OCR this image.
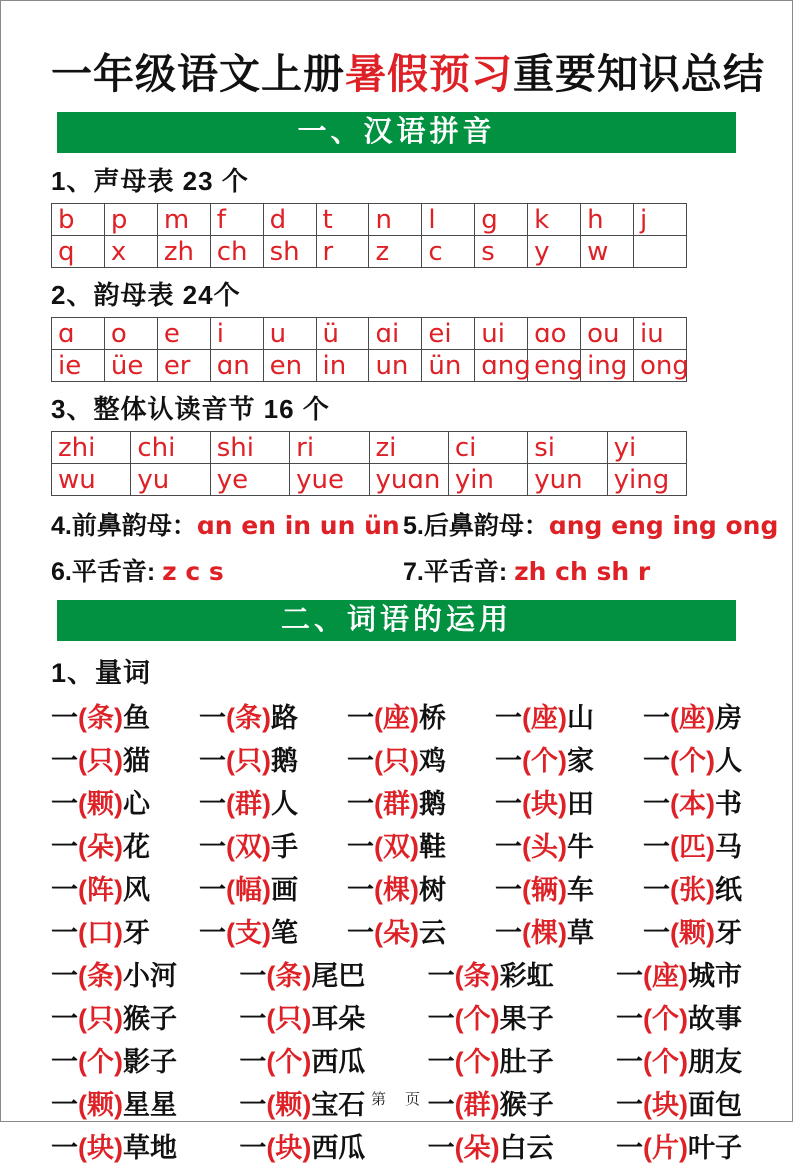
一年级语文上册暑假预习重要知识总结
一、汉语拼音
1、声母表 23 个
b	p	m	f	d	t	n	l	g	k	h	j
q	x	zh	ch	sh	r	z	c	s	y	w	
2、韵母表 24个
ɑ	o	e	i	u	ü	ɑi	ei	ui	ɑo	ou	iu
ie	üe	er	ɑn	en	in	un	ün	ɑng	eng	ing	ong
3、整体认读音节 16 个
zhi	chi	shi	ri	zi	ci	si	yi
wu	yu	ye	yue	yuɑn	yin	yun	ying
4.前鼻韵母：ɑn en in un ün 5.后鼻韵母：ɑng eng ing ong
6.平舌音: z c s	7.平舌音: zh ch sh r
二、词语的运用
1、量词
一(条)鱼 一(条)路 一(座)桥 一(座)山 一(座)房
一(只)猫 一(只)鹅 一(只)鸡 一(个)家 一(个)人
一(颗)心 一(群)人 一(群)鹅 一(块)田 一(本)书
一(朵)花 一(双)手 一(双)鞋 一(头)牛 一(匹)马
一(阵)风 一(幅)画 一(棵)树 一(辆)车 一(张)纸
一(口)牙 一(支)笔 一(朵)云 一(棵)草 一(颗)牙
一(条)小河 一(条)尾巴 一(条)彩虹 一(座)城市
一(只)猴子 一(只)耳朵 一(个)果子 一(个)故事
一(个)影子 一(个)西瓜 一(个)肚子 一(个)朋友
一(颗)星星 一(颗)宝石 一(群)猴子 一(块)面包
一(块)草地 一(块)西瓜 一(朵)白云 一(片)叶子
第　页
